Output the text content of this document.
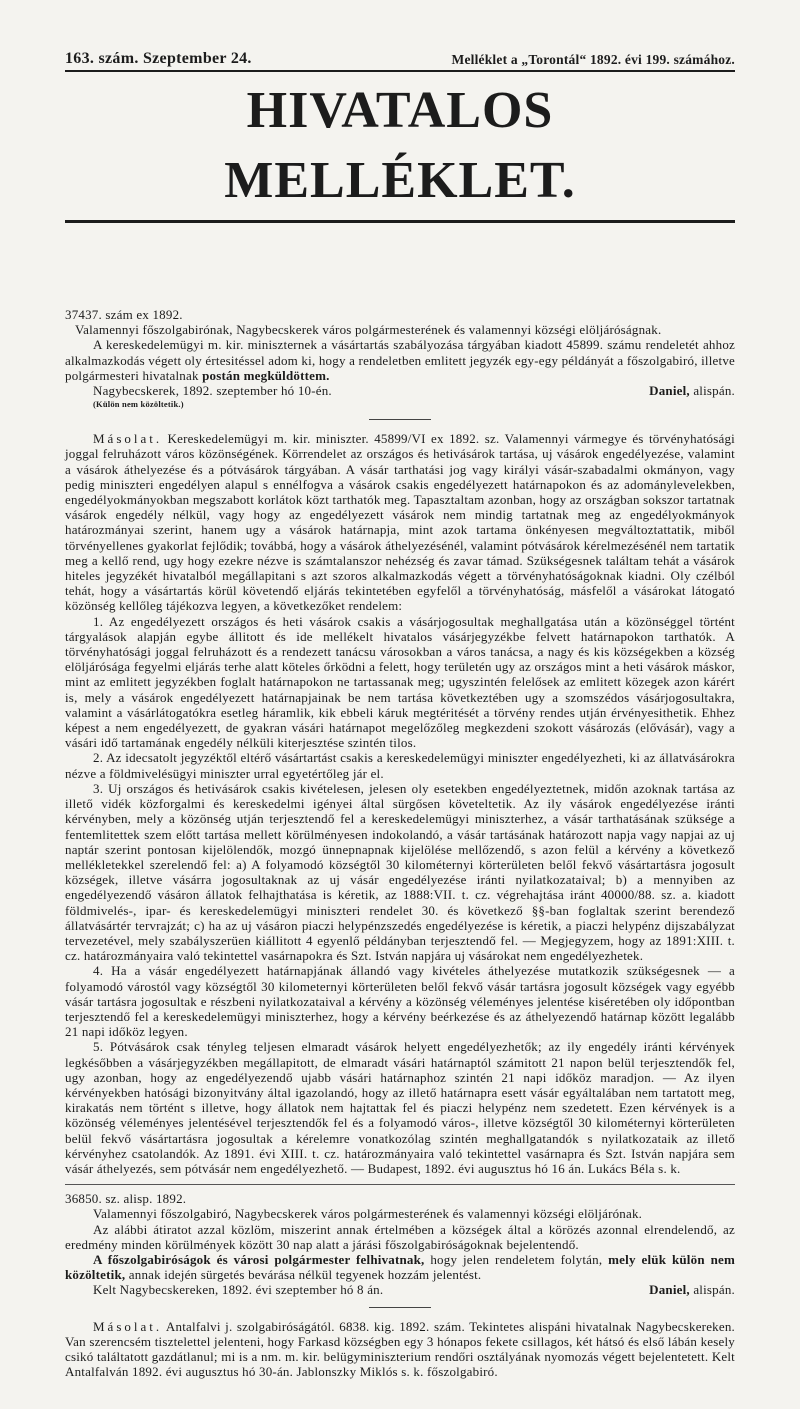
163. szám. Szeptember 24.	Melléklet a „Torontál“ 1892. évi 199. számához.
HIVATALOS MELLÉKLET.

37437. szám ex 1892.

Valamennyi főszolgabirónak, Nagybecskerek város polgármesterének és valamennyi községi elöljáróságnak.

A kereskedelemügyi m. kir. miniszternek a vásártartás szabályozása tárgyában kiadott 45899. számu rendeletét ahhoz alkalmazkodás végett oly értesitéssel adom ki, hogy a rendeletben emlitett jegyzék egy-egy példányát a főszolgabiró, illetve polgármesteri hivatalnak postán megküldöttem.

Nagybecskerek, 1892. szeptember hó 10-én.	Daniel, alispán.

(Külön nem közöltetik.)

Másolat. Kereskedelemügyi m. kir. miniszter. 45899/VI ex 1892. sz. Valamennyi vármegye és törvényhatósági joggal felruházott város közönségének. Körrendelet az országos és hetivásárok tartása, uj vásárok engedélyezése, valamint a vásárok áthelyezése és a pótvásárok tárgyában. A vásár tarthatási jog vagy királyi vásár-szabadalmi okmányon, vagy pedig miniszteri engedélyen alapul s ennélfogva a vásárok csakis engedélyezett határnapokon és az adománylevelekben, engedélyokmányokban megszabott korlátok közt tarthatók meg. Tapasztaltam azonban, hogy az országban sokszor tartatnak vásárok engedély nélkül, vagy hogy az engedélyezett vásárok nem mindig tartatnak meg az engedélyokmányok határozmányai szerint, hanem ugy a vásárok határnapja, mint azok tartama önkényesen megváltoztattatik, miből törvényellenes gyakorlat fejlődik; továbbá, hogy a vásárok áthelyezésénél, valamint pótvásárok kérelmezésénél nem tartatik meg a kellő rend, ugy hogy ezekre nézve is számtalanszor nehézség és zavar támad. Szükségesnek találtam tehát a vásárok hiteles jegyzékét hivatalból megállapitani s azt szoros alkalmazkodás végett a törvényhatóságoknak kiadni. Oly czélból tehát, hogy a vásártartás körül követendő eljárás tekintetében egyfelől a törvényhatóság, másfelől a vásárokat látogató közönség kellőleg tájékozva legyen, a következőket rendelem:

1. Az engedélyezett országos és heti vásárok csakis a vásárjogosultak meghallgatása után a közönséggel történt tárgyalások alapján egybe állitott és ide mellékelt hivatalos vásárjegyzékbe felvett határnapokon tarthatók. A törvényhatósági joggal felruházott és a rendezett tanácsu városokban a város tanácsa, a nagy és kis községekben a község elöljárósága fegyelmi eljárás terhe alatt köteles őrködni a felett, hogy területén ugy az országos mint a heti vásárok máskor, mint az emlitett jegyzékben foglalt határnapokon ne tartassanak meg; ugyszintén felelősek az emlitett közegek azon kárért is, mely a vásárok engedélyezett határnapjainak be nem tartása következtében ugy a szomszédos vásárjogosultakra, valamint a vásárlátogatókra esetleg háramlik, kik ebbeli káruk megtéritését a törvény rendes utján érvényesithetik. Ehhez képest a nem engedélyezett, de gyakran vásári határnapot megelőzőleg megkezdeni szokott vásározás (elővásár), vagy a vásári idő tartamának engedély nélküli kiterjesztése szintén tilos.

2. Az idecsatolt jegyzéktől eltérő vásártartást csakis a kereskedelemügyi miniszter engedélyezheti, ki az állatvásárokra nézve a földmivelésügyi miniszter urral egyetértőleg jár el.

3. Uj országos és hetivásárok csakis kivételesen, jelesen oly esetekben engedélyeztetnek, midőn azoknak tartása az illető vidék közforgalmi és kereskedelmi igényei által sürgősen követeltetik. Az ily vásárok engedélyezése iránti kérvényben, mely a közönség utján terjesztendő fel a kereskedelemügyi miniszterhez, a vásár tarthatásának szüksége a fentemlitettek szem előtt tartása mellett körülményesen indokolandó, a vásár tartásának határozott napja vagy napjai az uj naptár szerint pontosan kijelölendők, mozgó ünnepnapnak kijelölése mellőzendő, s azon felül a kérvény a következő mellékletekkel szerelendő fel: a) A folyamodó községtől 30 kilométernyi körterületen belől fekvő vásártartásra jogosult községek, illetve vásárra jogosultaknak az uj vásár engedélyezése iránti nyilatkozataival; b) a mennyiben az engedélyezendő vásáron állatok felhajthatása is kéretik, az 1888:VII. t. cz. végrehajtása iránt 40000/88. sz. a. kiadott földmivelés-, ipar- és kereskedelemügyi miniszteri rendelet 30. és következő §§-ban foglaltak szerint berendező állatvásártér tervrajzát; c) ha az uj vásáron piaczi helypénzszedés engedélyezése is kéretik, a piaczi helypénz dijszabályzat tervezetével, mely szabályszerüen kiállitott 4 egyenlő példányban terjesztendő fel. — Megjegyzem, hogy az 1891:XIII. t. cz. határozmányaira való tekintettel vasárnapokra és Szt. István napjára uj vásárokat nem engedélyezhetek.

4. Ha a vásár engedélyezett határnapjának állandó vagy kivételes áthelyezése mutatkozik szükségesnek — a folyamodó várostól vagy községtől 30 kilometernyi körterületen belől fekvő vásár tartásra jogosult községek vagy egyébb vásár tartásra jogosultak e részbeni nyilatkozataival a kérvény a közönség véleményes jelentése kiséretében oly időpontban terjesztendő fel a kereskedelemügyi miniszterhez, hogy a kérvény beérkezése és az áthelyezendő határnap között legalább 21 napi időköz legyen.

5. Pótvásárok csak tényleg teljesen elmaradt vásárok helyett engedélyezhetők; az ily engedély iránti kérvények legkésőbben a vásárjegyzékben megállapitott, de elmaradt vásári határnaptól számitott 21 napon belül terjesztendők fel, ugy azonban, hogy az engedélyezendő ujabb vásári határnaphoz szintén 21 napi időköz maradjon. — Az ilyen kérvényekben hatósági bizonyitvány által igazolandó, hogy az illető határnapra esett vásár egyáltalában nem tartatott meg, kirakatás nem történt s illetve, hogy állatok nem hajtattak fel és piaczi helypénz nem szedetett. Ezen kérvények is a közönség véleményes jelentésével terjesztendők fel és a folyamodó város-, illetve községtől 30 kilométernyi körterületen belül fekvő vásártartásra jogosultak a kérelemre vonatkozólag szintén meghallgatandók s nyilatkozataik az illető kérvényhez csatolandók. Az 1891. évi XIII. t. cz. határozmányaira való tekintettel vasárnapra és Szt. István napjára sem vásár áthelyezés, sem pótvásár nem engedélyezhető. — Budapest, 1892. évi augusztus hó 16 án. Lukács Béla s. k.

36850. sz. alisp. 1892.

Valamennyi főszolgabiró, Nagybecskerek város polgármesterének és valamennyi községi elöljárónak.

Az alábbi átiratot azzal közlöm, miszerint annak értelmében a községek által a körözés azonnal elrendelendő, az eredmény minden körülmények között 30 nap alatt a járási főszolgabiróságoknak bejelentendő.

A főszolgabiróságok és városi polgármester felhivatnak, hogy jelen rendeletem folytán, mely elük külön nem közöltetik, annak idején sürgetés bevárása nélkül tegyenek hozzám jelentést.

Kelt Nagybecskereken, 1892. évi szeptember hó 8 án.	Daniel, alispán.

Másolat. Antalfalvi j. szolgabiróságától. 6838. kig. 1892. szám. Tekintetes alispáni hivatalnak Nagybecskereken. Van szerencsém tisztelettel jelenteni, hogy Farkasd községben egy 3 hónapos fekete csillagos, két hátsó és első lábán kesely csikó találtatott gazdátlanul; mi is a nm. m. kir. belügyminiszterium rendőri osztályának nyomozás végett bejelentetett. Kelt Antalfalván 1892. évi augusztus hó 30-án. Jablonszky Miklós s. k. főszolgabiró.
